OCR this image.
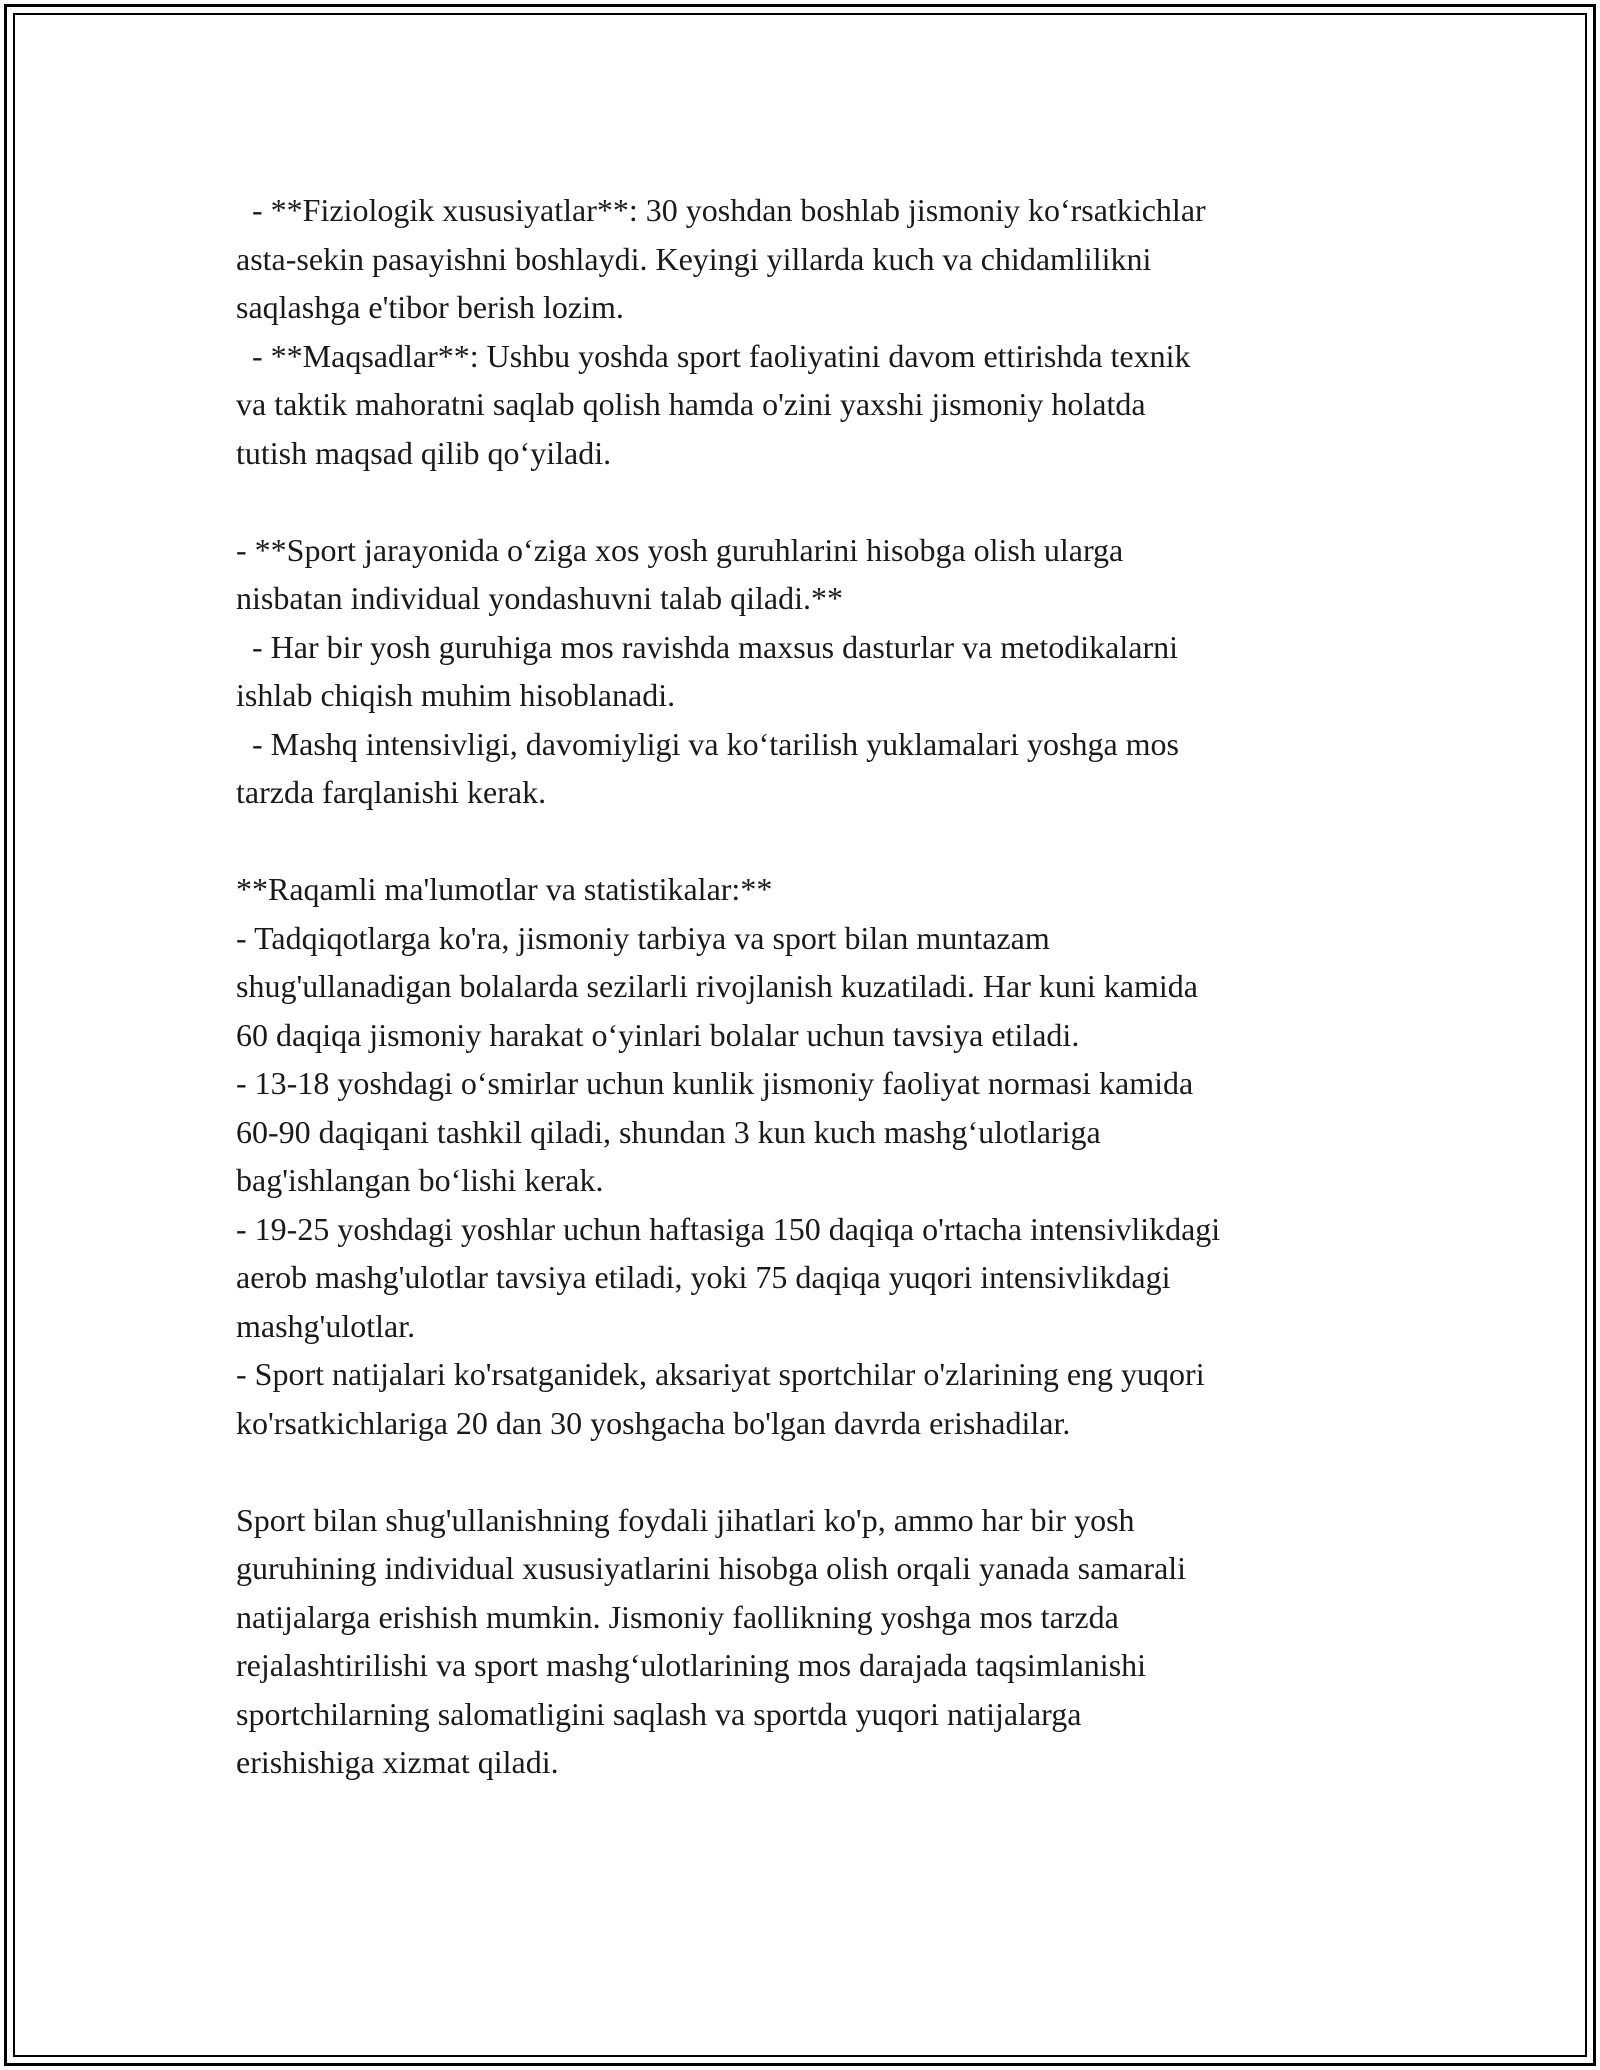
- **Fiziologik xususiyatlar**: 30 yoshdan boshlab jismoniy koʻrsatkichlar
asta-sekin pasayishni boshlaydi. Keyingi yillarda kuch va chidamlilikni
saqlashga e'tibor berish lozim.
- **Maqsadlar**: Ushbu yoshda sport faoliyatini davom ettirishda texnik
va taktik mahoratni saqlab qolish hamda o'zini yaxshi jismoniy holatda
tutish maqsad qilib qoʻyiladi.
- **Sport jarayonida oʻziga xos yosh guruhlarini hisobga olish ularga
nisbatan individual yondashuvni talab qiladi.**
- Har bir yosh guruhiga mos ravishda maxsus dasturlar va metodikalarni
ishlab chiqish muhim hisoblanadi.
- Mashq intensivligi, davomiyligi va koʻtarilish yuklamalari yoshga mos
tarzda farqlanishi kerak.
**Raqamli ma'lumotlar va statistikalar:**
- Tadqiqotlarga ko'ra, jismoniy tarbiya va sport bilan muntazam
shug'ullanadigan bolalarda sezilarli rivojlanish kuzatiladi. Har kuni kamida
60 daqiqa jismoniy harakat oʻyinlari bolalar uchun tavsiya etiladi.
- 13-18 yoshdagi oʻsmirlar uchun kunlik jismoniy faoliyat normasi kamida
60-90 daqiqani tashkil qiladi, shundan 3 kun kuch mashgʻulotlariga
bag'ishlangan boʻlishi kerak.
- 19-25 yoshdagi yoshlar uchun haftasiga 150 daqiqa o'rtacha intensivlikdagi
aerob mashg'ulotlar tavsiya etiladi, yoki 75 daqiqa yuqori intensivlikdagi
mashg'ulotlar.
- Sport natijalari ko'rsatganidek, aksariyat sportchilar o'zlarining eng yuqori
ko'rsatkichlariga 20 dan 30 yoshgacha bo'lgan davrda erishadilar.
Sport bilan shug'ullanishning foydali jihatlari ko'p, ammo har bir yosh
guruhining individual xususiyatlarini hisobga olish orqali yanada samarali
natijalarga erishish mumkin. Jismoniy faollikning yoshga mos tarzda
rejalashtirilishi va sport mashgʻulotlarining mos darajada taqsimlanishi
sportchilarning salomatligini saqlash va sportda yuqori natijalarga
erishishiga xizmat qiladi.
